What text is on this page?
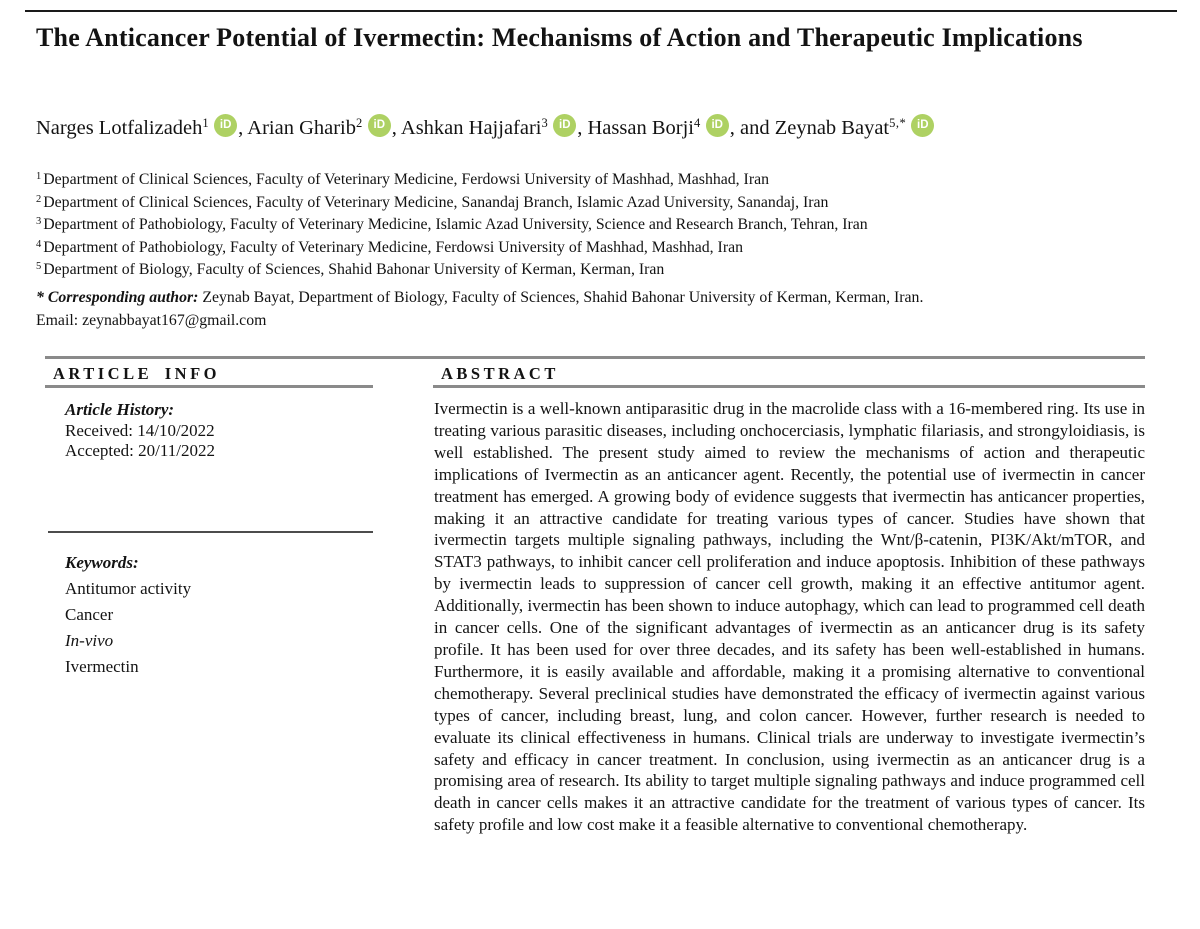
The Anticancer Potential of Ivermectin: Mechanisms of Action and Therapeutic Implications
Narges Lotfalizadeh$^1$ iD , Arian Gharib$^2$ iD , Ashkan Hajjafari$^3$ iD , Hassan Borji$^4$ iD , and Zeynab Bayat$^{5,*}$ iD

$^1$ Department of Clinical Sciences, Faculty of Veterinary Medicine, Ferdowsi University of Mashhad, Mashhad, Iran

$^2$ Department of Clinical Sciences, Faculty of Veterinary Medicine, Sanandaj Branch, Islamic Azad University, Sanandaj, Iran

$^3$ Department of Pathobiology, Faculty of Veterinary Medicine, Islamic Azad University, Science and Research Branch, Tehran, Iran

$^4$ Department of Pathobiology, Faculty of Veterinary Medicine, Ferdowsi University of Mashhad, Mashhad, Iran

$^5$ Department of Biology, Faculty of Sciences, Shahid Bahonar University of Kerman, Kerman, Iran

* Corresponding author: Zeynab Bayat, Department of Biology, Faculty of Sciences, Shahid Bahonar University of Kerman, Kerman, Iran.

Email: zeynabbayat167@gmail.com

ARTICLE INFO

Article History:

Received: 14/10/2022

Accepted: 20/11/2022

Keywords:

Antitumor activity
Cancer
In-vivo
Ivermectin
ABSTRACT

Ivermectin is a well-known antiparasitic drug in the macrolide class with a 16-membered ring. Its use in treating various parasitic diseases, including onchocerciasis, lymphatic filariasis, and strongyloidiasis, is well established. The present study aimed to review the mechanisms of action and therapeutic implications of Ivermectin as an anticancer agent. Recently, the potential use of ivermectin in cancer treatment has emerged. A growing body of evidence suggests that ivermectin has anticancer properties, making it an attractive candidate for treating various types of cancer. Studies have shown that ivermectin targets multiple signaling pathways, including the Wnt/β-catenin, PI3K/Akt/mTOR, and STAT3 pathways, to inhibit cancer cell proliferation and induce apoptosis. Inhibition of these pathways by ivermectin leads to suppression of cancer cell growth, making it an effective antitumor agent. Additionally, ivermectin has been shown to induce autophagy, which can lead to programmed cell death in cancer cells. One of the significant advantages of ivermectin as an anticancer drug is its safety profile. It has been used for over three decades, and its safety has been well-established in humans. Furthermore, it is easily available and affordable, making it a promising alternative to conventional chemotherapy. Several preclinical studies have demonstrated the efficacy of ivermectin against various types of cancer, including breast, lung, and colon cancer. However, further research is needed to evaluate its clinical effectiveness in humans. Clinical trials are underway to investigate ivermectin’s safety and efficacy in cancer treatment. In conclusion, using ivermectin as an anticancer drug is a promising area of research. Its ability to target multiple signaling pathways and induce programmed cell death in cancer cells makes it an attractive candidate for the treatment of various types of cancer. Its safety profile and low cost make it a feasible alternative to conventional chemotherapy.
